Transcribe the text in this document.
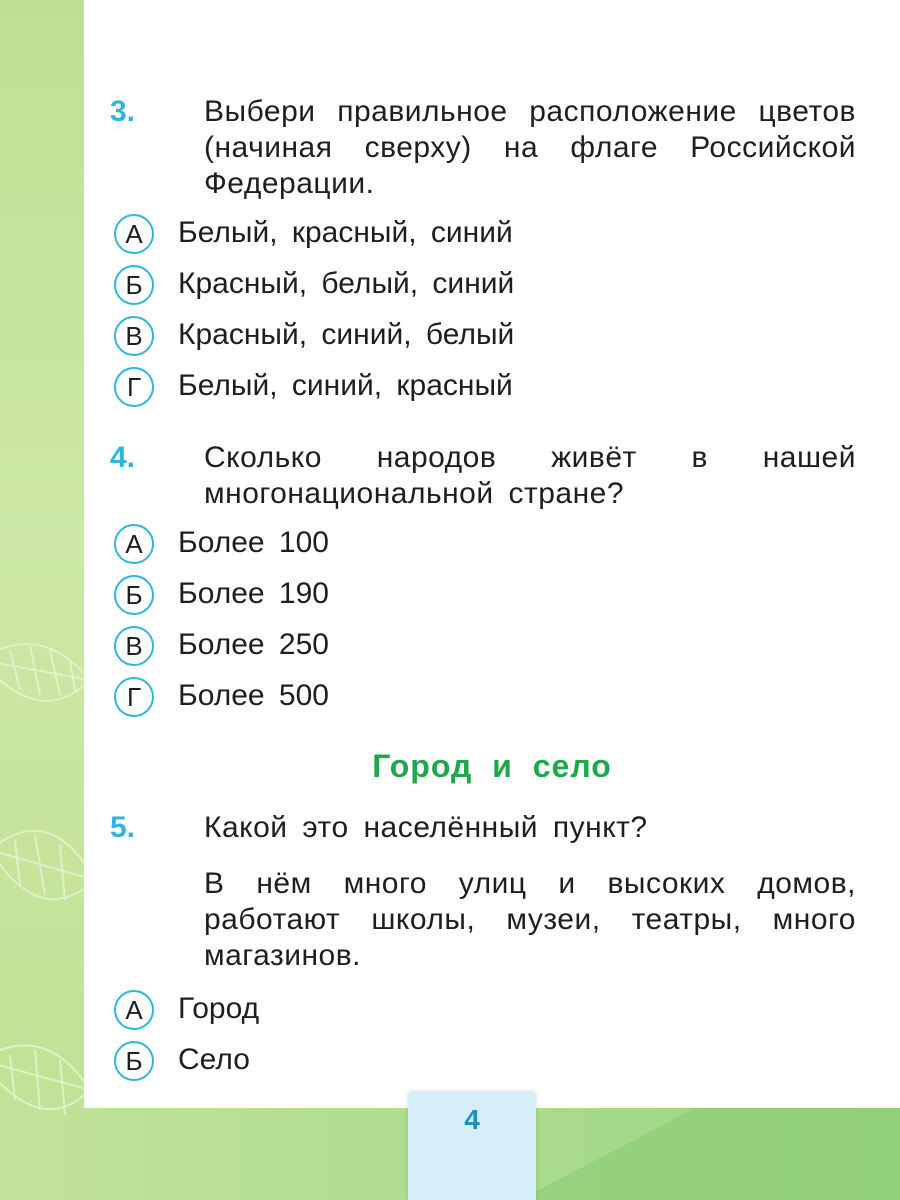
3. Выбери правильное расположение цветов (начиная сверху) на флаге Российской Федерации.
А	Белый, красный, синий
Б	Красный, белый, синий
В	Красный, синий, белый
Г	Белый, синий, красный
4. Сколько народов живёт в нашей многонациональной стране?
А	Более 100
Б	Более 190
В	Более 250
Г	Более 500
Город и село
5. Какой это населённый пункт?
В нём много улиц и высоких домов, работают школы, музеи, театры, много магазинов.
А	Город
Б	Село
4
